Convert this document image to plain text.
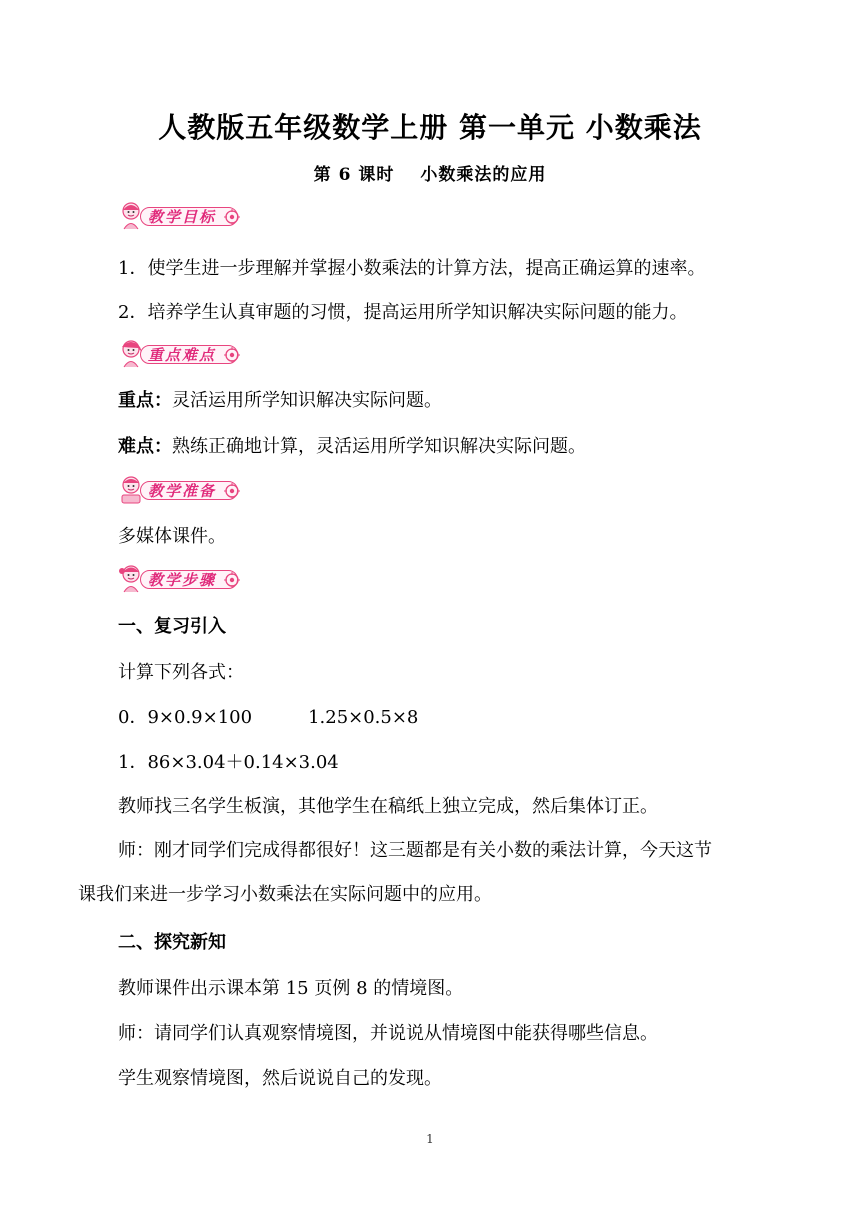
人教版五年级数学上册 第一单元 小数乘法
第 6 课时 小数乘法的应用
教学目标
1．使学生进一步理解并掌握小数乘法的计算方法，提高正确运算的速率。
2．培养学生认真审题的习惯，提高运用所学知识解决实际问题的能力。
重点难点
重点：灵活运用所学知识解决实际问题。
难点：熟练正确地计算，灵活运用所学知识解决实际问题。
教学准备
多媒体课件。
教学步骤
一、复习引入
计算下列各式：
0．9×0.9×100	1.25×0.5×8
1．86×3.04＋0.14×3.04
教师找三名学生板演，其他学生在稿纸上独立完成，然后集体订正。
师：刚才同学们完成得都很好！这三题都是有关小数的乘法计算，今天这节
课我们来进一步学习小数乘法在实际问题中的应用。
二、探究新知
教师课件出示课本第 15 页例 8 的情境图。
师：请同学们认真观察情境图，并说说从情境图中能获得哪些信息。
学生观察情境图，然后说说自己的发现。
1
